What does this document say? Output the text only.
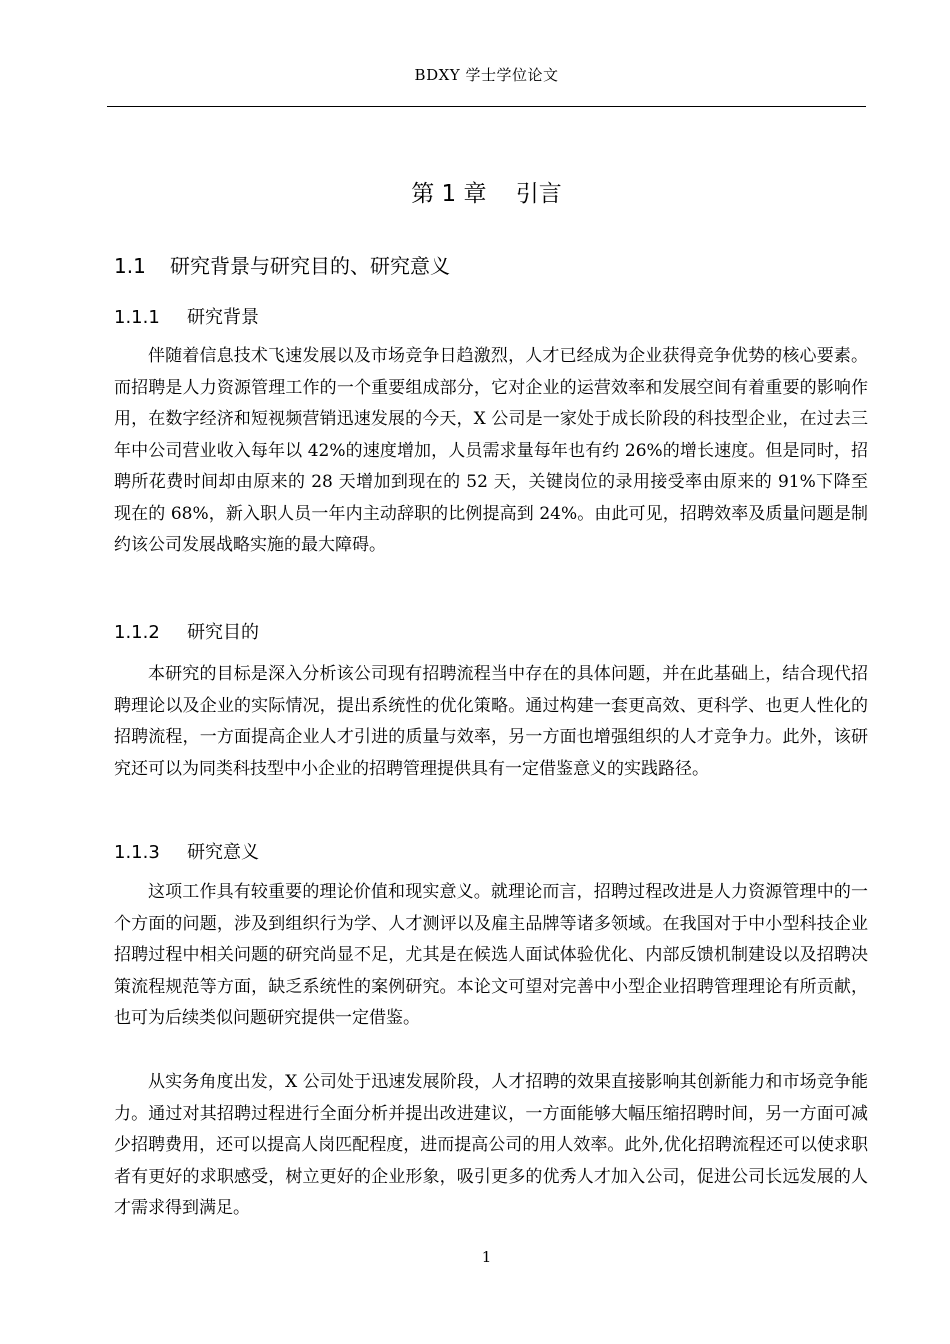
BDXY 学士学位论文
第 1 章    引言
1.1 研究背景与研究目的、研究意义
1.1.1 研究背景

伴随着信息技术飞速发展以及市场竞争日趋激烈，人才已经成为企业获得竞争优势的核心要素。而招聘是人力资源管理工作的一个重要组成部分，它对企业的运营效率和发展空间有着重要的影响作用，在数字经济和短视频营销迅速发展的今天，X 公司是一家处于成长阶段的科技型企业，在过去三年中公司营业收入每年以 42%的速度增加，人员需求量每年也有约 26%的增长速度。但是同时，招聘所花费时间却由原来的 28 天增加到现在的 52 天，关键岗位的录用接受率由原来的 91%下降至现在的 68%，新入职人员一年内主动辞职的比例提高到 24%。由此可见，招聘效率及质量问题是制约该公司发展战略实施的最大障碍。

1.1.2 研究目的

本研究的目标是深入分析该公司现有招聘流程当中存在的具体问题，并在此基础上，结合现代招聘理论以及企业的实际情况，提出系统性的优化策略。通过构建一套更高效、更科学、也更人性化的招聘流程，一方面提高企业人才引进的质量与效率，另一方面也增强组织的人才竞争力。此外，该研究还可以为同类科技型中小企业的招聘管理提供具有一定借鉴意义的实践路径。

1.1.3 研究意义

这项工作具有较重要的理论价值和现实意义。就理论而言，招聘过程改进是人力资源管理中的一个方面的问题，涉及到组织行为学、人才测评以及雇主品牌等诸多领域。在我国对于中小型科技企业招聘过程中相关问题的研究尚显不足，尤其是在候选人面试体验优化、内部反馈机制建设以及招聘决策流程规范等方面，缺乏系统性的案例研究。本论文可望对完善中小型企业招聘管理理论有所贡献，也可为后续类似问题研究提供一定借鉴。

从实务角度出发，X 公司处于迅速发展阶段，人才招聘的效果直接影响其创新能力和市场竞争能力。通过对其招聘过程进行全面分析并提出改进建议，一方面能够大幅压缩招聘时间，另一方面可减少招聘费用，还可以提高人岗匹配程度，进而提高公司的用人效率。此外,优化招聘流程还可以使求职者有更好的求职感受，树立更好的企业形象，吸引更多的优秀人才加入公司，促进公司长远发展的人才需求得到满足。

1
